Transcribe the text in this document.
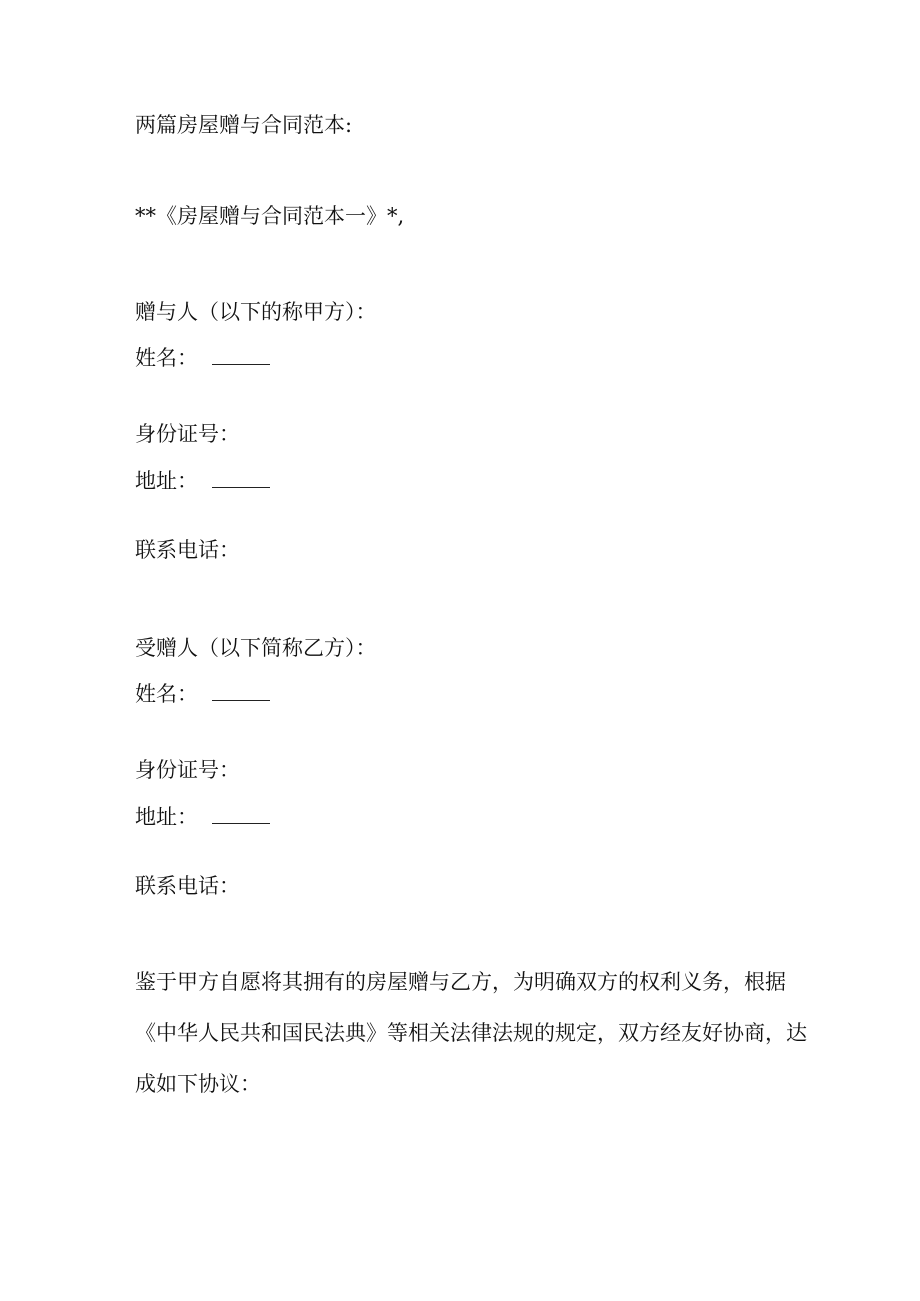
两篇房屋赠与合同范本:
**《房屋赠与合同范本一》*,
赠与人（以下的称甲方）：
姓名：
身份证号：
地址：
联系电话：
受赠人（以下简称乙方）：
姓名：
身份证号：
地址：
联系电话：
鉴于甲方自愿将其拥有的房屋赠与乙方，为明确双方的权利义务，根据
《中华人民共和国民法典》等相关法律法规的规定，双方经友好协商，达
成如下协议：
